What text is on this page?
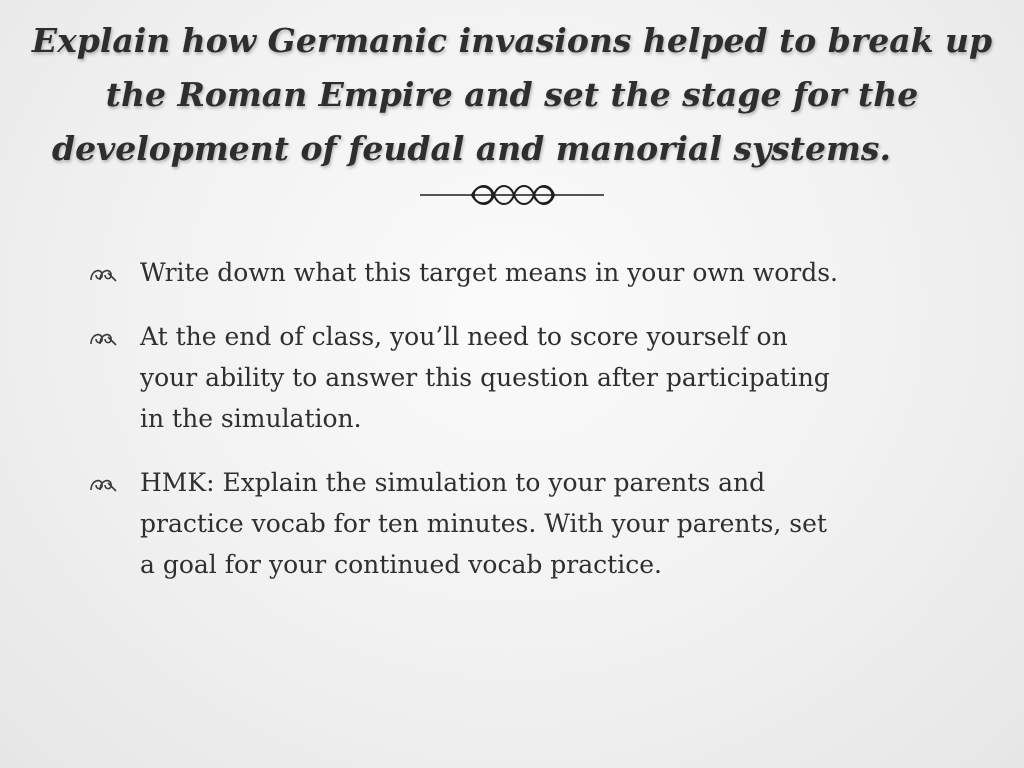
Explain how Germanic invasions helped to break up
the Roman Empire and set the stage for the
development of feudal and manorial systems.
Write down what this target means in your own words.
At the end of class, you’ll need to score yourself on
your ability to answer this question after participating
in the simulation.
HMK: Explain the simulation to your parents and
practice vocab for ten minutes. With your parents, set
a goal for your continued vocab practice.
